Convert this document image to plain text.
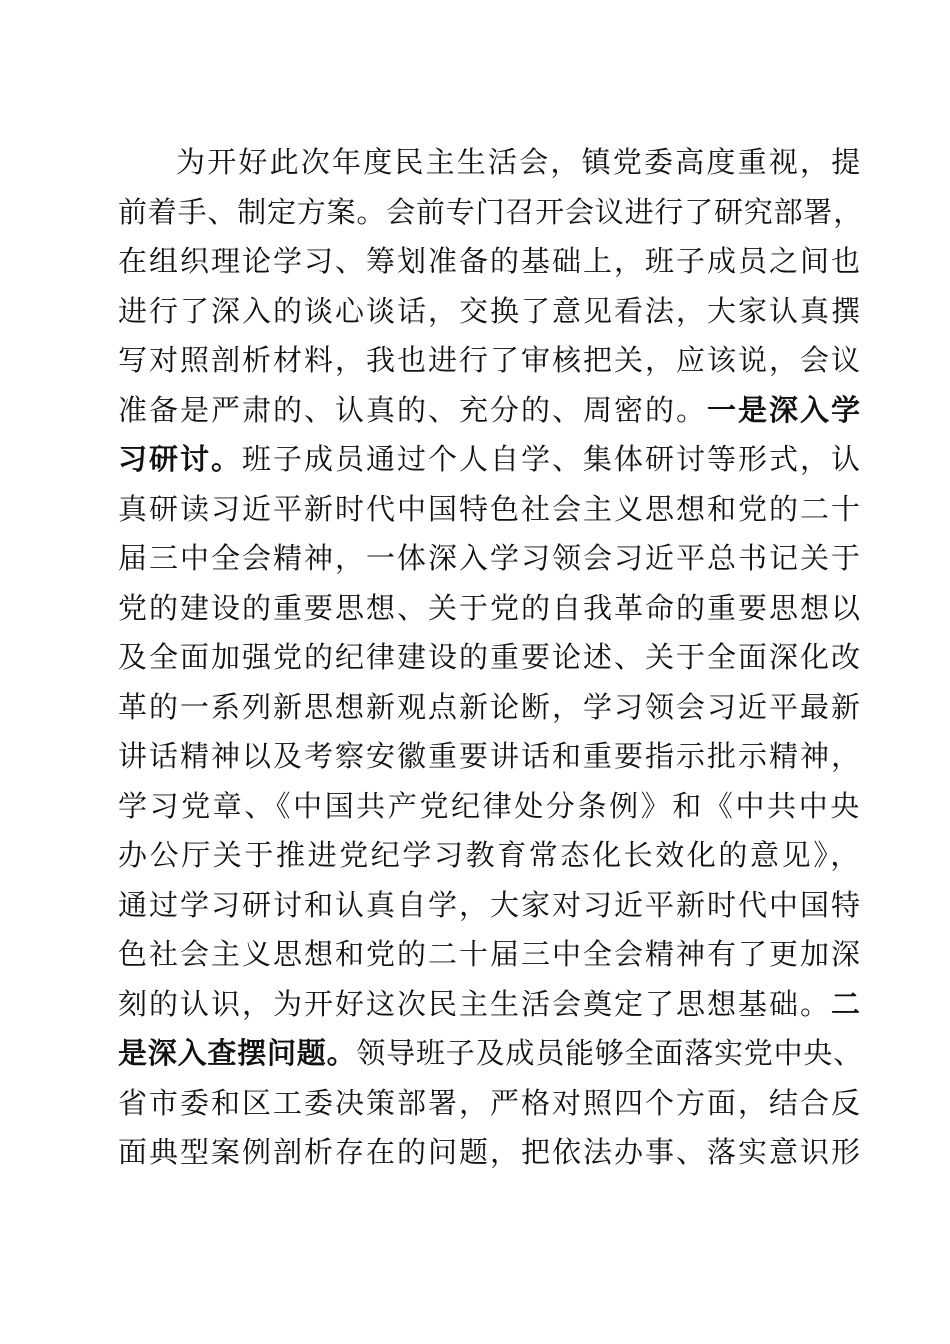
为开好此次年度民主生活会，镇党委高度重视，提
前着手、制定方案。会前专门召开会议进行了研究部署，
在组织理论学习、筹划准备的基础上，班子成员之间也
进行了深入的谈心谈话，交换了意见看法，大家认真撰
写对照剖析材料，我也进行了审核把关，应该说，会议
准备是严肃的、认真的、充分的、周密的。一是深入学
习研讨。班子成员通过个人自学、集体研讨等形式，认
真研读习近平新时代中国特色社会主义思想和党的二十
届三中全会精神，一体深入学习领会习近平总书记关于
党的建设的重要思想、关于党的自我革命的重要思想以
及全面加强党的纪律建设的重要论述、关于全面深化改
革的一系列新思想新观点新论断，学习领会习近平最新
讲话精神以及考察安徽重要讲话和重要指示批示精神，
学习党章、《中国共产党纪律处分条例》和《中共中央
办公厅关于推进党纪学习教育常态化长效化的意见》，
通过学习研讨和认真自学，大家对习近平新时代中国特
色社会主义思想和党的二十届三中全会精神有了更加深
刻的认识，为开好这次民主生活会奠定了思想基础。二
是深入查摆问题。领导班子及成员能够全面落实党中央、
省市委和区工委决策部署，严格对照四个方面，结合反
面典型案例剖析存在的问题，把依法办事、落实意识形
